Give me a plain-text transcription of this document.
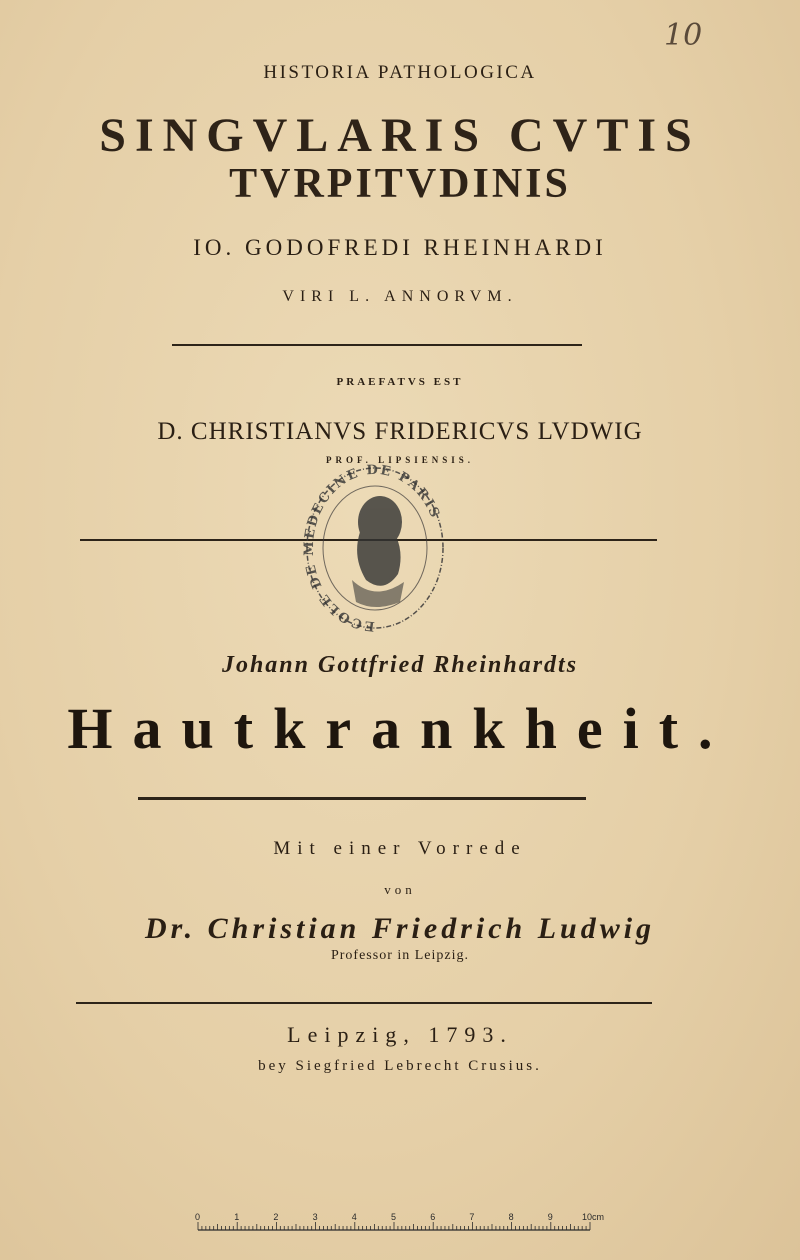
10
HISTORIA PATHOLOGICA
SINGVLARIS CVTIS
TVRPITVDINIS
IO. GODOFREDI RHEINHARDI
VIRI L. ANNORVM.
PRAEFATVS EST
D. CHRISTIANVS FRIDERICVS LVDWIG
PROF. LIPSIENSIS.
ECOLE DE MEDECINE DE PARIS
Johann Gottfried Rheinhardts
Hautkrankheit.
Mit einer Vorrede
von
Dr. Christian Friedrich Ludwig
Professor in Leipzig.
Leipzig, 1793.
bey Siegfried Lebrecht Crusius.
0	1	2	3	4	5	6	7	8	9	10cm
